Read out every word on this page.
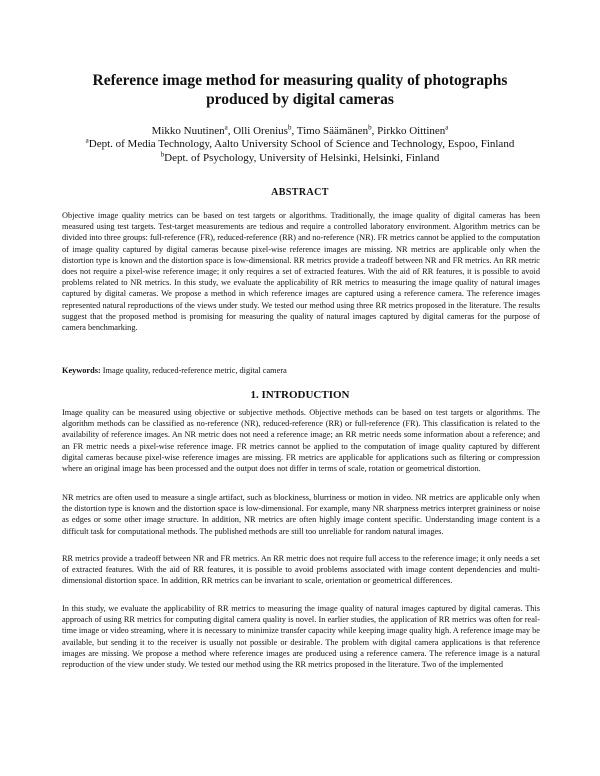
Reference image method for measuring quality of photographs produced by digital cameras
Mikko Nuutinen$^a$, Olli Orenius$^b$, Timo Säämänen$^b$, Pirkko Oittinen$^a$
$^a$Dept. of Media Technology, Aalto University School of Science and Technology, Espoo, Finland
$^b$Dept. of Psychology, University of Helsinki, Helsinki, Finland
ABSTRACT
Objective image quality metrics can be based on test targets or algorithms. Traditionally, the image quality of digital cameras has been measured using test targets. Test-target measurements are tedious and require a controlled laboratory environment. Algorithm metrics can be divided into three groups: full-reference (FR), reduced-reference (RR) and no-reference (NR). FR metrics cannot be applied to the computation of image quality captured by digital cameras because pixel-wise reference images are missing. NR metrics are applicable only when the distortion type is known and the distortion space is low-dimensional. RR metrics provide a tradeoff between NR and FR metrics. An RR metric does not require a pixel-wise reference image; it only requires a set of extracted features. With the aid of RR features, it is possible to avoid problems related to NR metrics. In this study, we evaluate the applicability of RR metrics to measuring the image quality of natural images captured by digital cameras. We propose a method in which reference images are captured using a reference camera. The reference images represented natural reproductions of the views under study. We tested our method using three RR metrics proposed in the literature. The results suggest that the proposed method is promising for measuring the quality of natural images captured by digital cameras for the purpose of camera benchmarking.
Keywords: Image quality, reduced-reference metric, digital camera
1. INTRODUCTION
Image quality can be measured using objective or subjective methods. Objective methods can be based on test targets or algorithms. The algorithm methods can be classified as no-reference (NR), reduced-reference (RR) or full-reference (FR). This classification is related to the availability of reference images. An NR metric does not need a reference image; an RR metric needs some information about a reference; and an FR metric needs a pixel-wise reference image. FR metrics cannot be applied to the computation of image quality captured by different digital cameras because pixel-wise reference images are missing. FR metrics are applicable for applications such as filtering or compression where an original image has been processed and the output does not differ in terms of scale, rotation or geometrical distortion.
NR metrics are often used to measure a single artifact, such as blockiness, blurriness or motion in video. NR metrics are applicable only when the distortion type is known and the distortion space is low-dimensional. For example, many NR sharpness metrics interpret graininess or noise as edges or some other image structure. In addition, NR metrics are often highly image content specific. Understanding image content is a difficult task for computational methods. The published methods are still too unreliable for random natural images.
RR metrics provide a tradeoff between NR and FR metrics. An RR metric does not require full access to the reference image; it only needs a set of extracted features. With the aid of RR features, it is possible to avoid problems associated with image content dependencies and multi-dimensional distortion space. In addition, RR metrics can be invariant to scale, orientation or geometrical differences.
In this study, we evaluate the applicability of RR metrics to measuring the image quality of natural images captured by digital cameras. This approach of using RR metrics for computing digital camera quality is novel. In earlier studies, the application of RR metrics was often for real-time image or video streaming, where it is necessary to minimize transfer capacity while keeping image quality high. A reference image may be available, but sending it to the receiver is usually not possible or desirable. The problem with digital camera applications is that reference images are missing. We propose a method where reference images are produced using a reference camera. The reference image is a natural reproduction of the view under study. We tested our method using the RR metrics proposed in the literature. Two of the implemented
